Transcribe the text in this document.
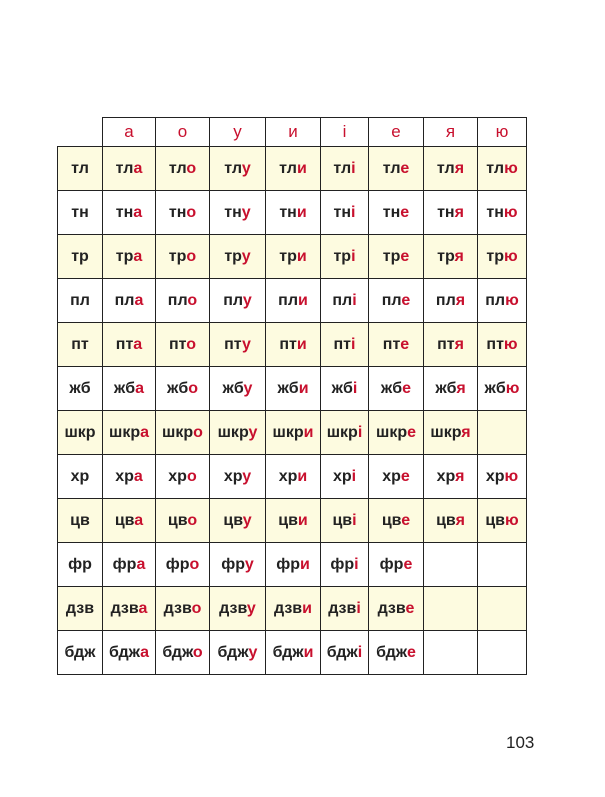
	а	о	у	и	і	е	я	ю
тл	тла	тло	тлу	тли	тлі	тле	тля	тлю
тн	тна	тно	тну	тни	тні	тне	тня	тню
тр	тра	тро	тру	три	трі	тре	тря	трю
пл	пла	пло	плу	пли	плі	пле	пля	плю
пт	пта	пто	пту	пти	пті	пте	птя	птю
жб	жба	жбо	жбу	жби	жбі	жбе	жбя	жбю
шкр	шкра	шкро	шкру	шкри	шкрі	шкре	шкря	
хр	хра	хро	хру	хри	хрі	хре	хря	хрю
цв	цва	цво	цву	цви	цві	цве	цвя	цвю
фр	фра	фро	фру	фри	фрі	фре		
дзв	дзва	дзво	дзву	дзви	дзві	дзве		
бдж	бджа	бджо	бджу	бджи	бджі	бдже		
103
